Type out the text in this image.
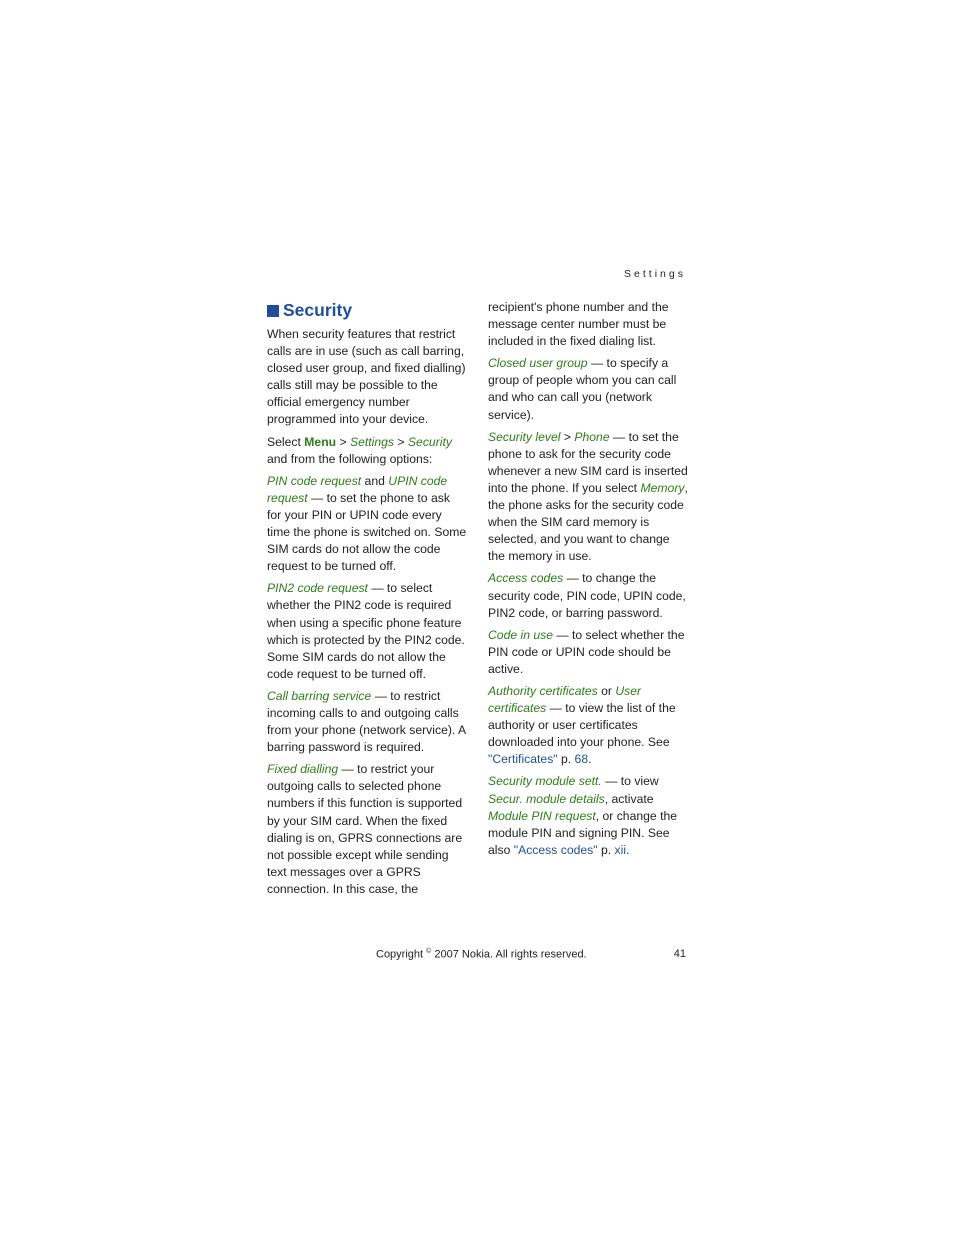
Settings
Security

When security features that restrict calls are in use (such as call barring, closed user group, and fixed dialling) calls still may be possible to the official emergency number programmed into your device.

Select Menu > Settings > Security and from the following options:

PIN code request and UPIN code request — to set the phone to ask for your PIN or UPIN code every time the phone is switched on. Some SIM cards do not allow the code request to be turned off.

PIN2 code request — to select whether the PIN2 code is required when using a specific phone feature which is protected by the PIN2 code. Some SIM cards do not allow the code request to be turned off.

Call barring service — to restrict incoming calls to and outgoing calls from your phone (network service). A barring password is required.

Fixed dialling — to restrict your outgoing calls to selected phone numbers if this function is supported by your SIM card. When the fixed dialing is on, GPRS connections are not possible except while sending text messages over a GPRS connection. In this case, the

recipient's phone number and the message center number must be included in the fixed dialing list.

Closed user group — to specify a group of people whom you can call and who can call you (network service).

Security level > Phone — to set the phone to ask for the security code whenever a new SIM card is inserted into the phone. If you select Memory, the phone asks for the security code when the SIM card memory is selected, and you want to change the memory in use.

Access codes — to change the security code, PIN code, UPIN code, PIN2 code, or barring password.

Code in use — to select whether the PIN code or UPIN code should be active.

Authority certificates or User certificates — to view the list of the authority or user certificates downloaded into your phone. See "Certificates" p. 68.

Security module sett. — to view Secur. module details, activate Module PIN request, or change the module PIN and signing PIN. See also "Access codes" p. xii.

Copyright © 2007 Nokia. All rights reserved.	41
